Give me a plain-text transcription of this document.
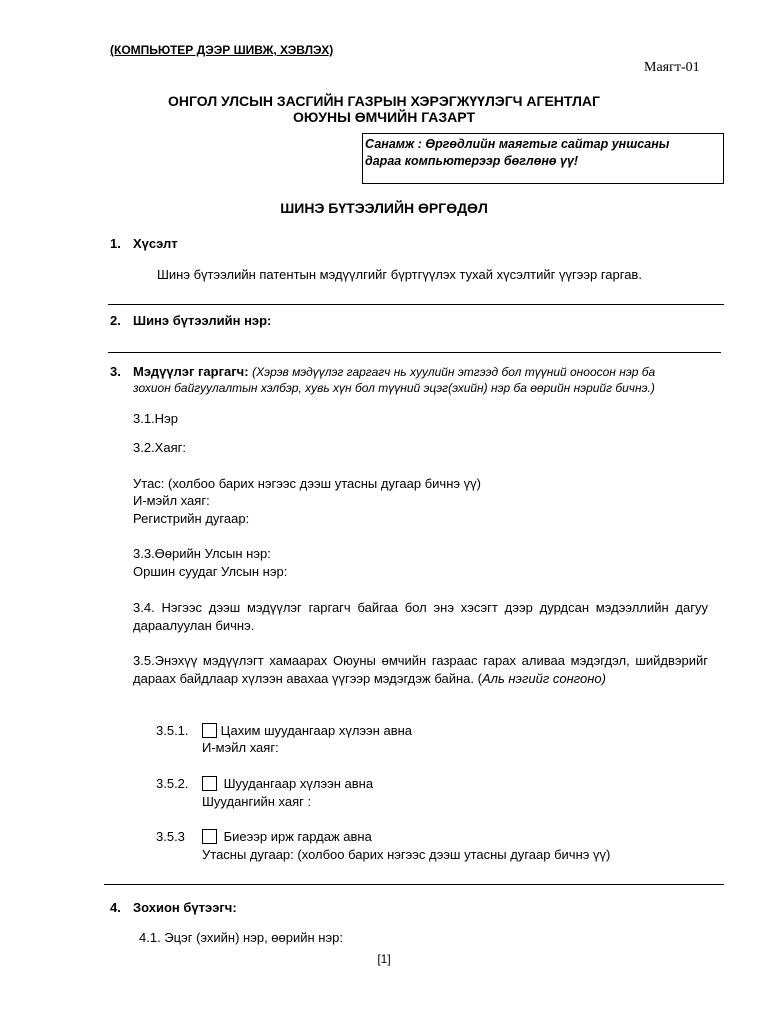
(КОМПЬЮТЕР ДЭЭР ШИВЖ, ХЭВЛЭХ)
Маягт-01
ОНГОЛ УЛСЫН ЗАСГИЙН ГАЗРЫН ХЭРЭГЖҮҮЛЭГЧ АГЕНТЛАГ
ОЮУНЫ ӨМЧИЙН ГАЗАРТ
Санамж : Өргөдлийн маягтыг сайтар уншсаны
дараа компьютерээр бөглөнө үү!
ШИНЭ БҮТЭЭЛИЙН ӨРГӨДӨЛ
1. Хүсэлт
Шинэ бүтээлийн патентын мэдүүлгийг бүртгүүлэх тухай хүсэлтийг үүгээр гаргав.
2. Шинэ бүтээлийн нэр:
3. Мэдүүлэг гаргагч: (Хэрэв мэдүүлэг гаргагч нь хуулийн этгээд бол түүний оноосон нэр ба
зохион байгуулалтын хэлбэр, хувь хүн бол түүний эцэг(эхийн) нэр ба өөрийн нэрийг бичнэ.)
3.1.Нэр
3.2.Хаяг:
Утас: (холбоо барих нэгээс дээш утасны дугаар бичнэ үү)
И-мэйл хаяг:
Регистрийн дугаар:
3.3.Өөрийн Улсын нэр:
Оршин суудаг Улсын нэр:
3.4. Нэгээс дээш мэдүүлэг гаргагч байгаа бол энэ хэсэгт дээр дурдсан мэдээллийн дагуу дараалуулан бичнэ.
3.5.Энэхүү мэдүүлэгт хамаарах Оюуны өмчийн газраас гарах аливаа мэдэгдэл, шийдвэрийг дараах байдлаар хүлээн авахаа үүгээр мэдэгдэж байна. (Аль нэгийг сонгоно)
3.5.1.	Цахим шуудангаар хүлээн авна
И-мэйл хаяг:
3.5.2.	Шуудангаар хүлээн авна
Шуудангийн хаяг :
3.5.3	Биеээр ирж гардаж авна
Утасны дугаар: (холбоо барих нэгээс дээш утасны дугаар бичнэ үү)
4. Зохион бүтээгч:
4.1. Эцэг (эхийн) нэр, өөрийн нэр:
[1]
